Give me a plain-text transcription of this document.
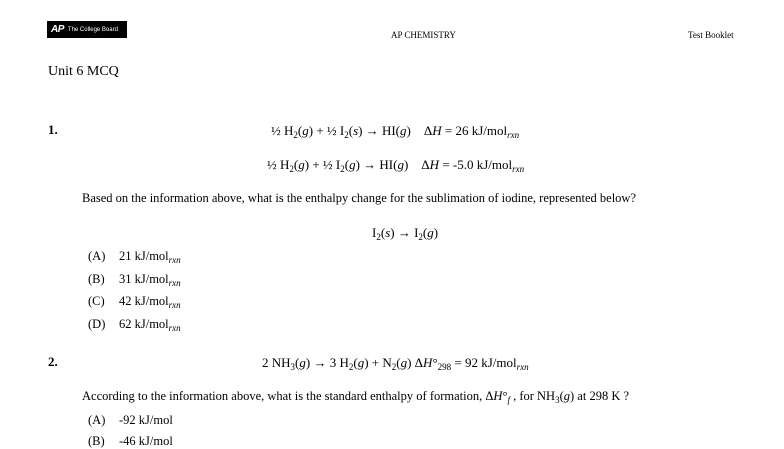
AP The College Board
AP CHEMISTRY	Test Booklet
Unit 6 MCQ
1.	½ $H_2(g)$ + ½ $I_2(s) \to HI(g)$    ΔH = 26 kJ/mol$_{rxn}$
½ $H_2(g)$ + ½ $I_2(g) \to HI(g)$    ΔH = -5.0 kJ/mol$_{rxn}$
Based on the information above, what is the enthalpy change for the sublimation of iodine, represented below?
$I_2(s) \to I_2(g)$
(A) 21 kJ/mol$_{rxn}$
(B) 31 kJ/mol$_{rxn}$
(C) 42 kJ/mol$_{rxn}$
(D) 62 kJ/mol$_{rxn}$
2.	2 $NH_3(g) \to 3$ $H_2(g) + N_2(g) \Delta H^\circ_{298} = 92$ kJ/mol$_{rxn}$
According to the information above, what is the standard enthalpy of formation, $\Delta H^\circ_f$ , for $NH_3(g)$ at 298 K ?
(A) -92 kJ/mol
(B) -46 kJ/mol
